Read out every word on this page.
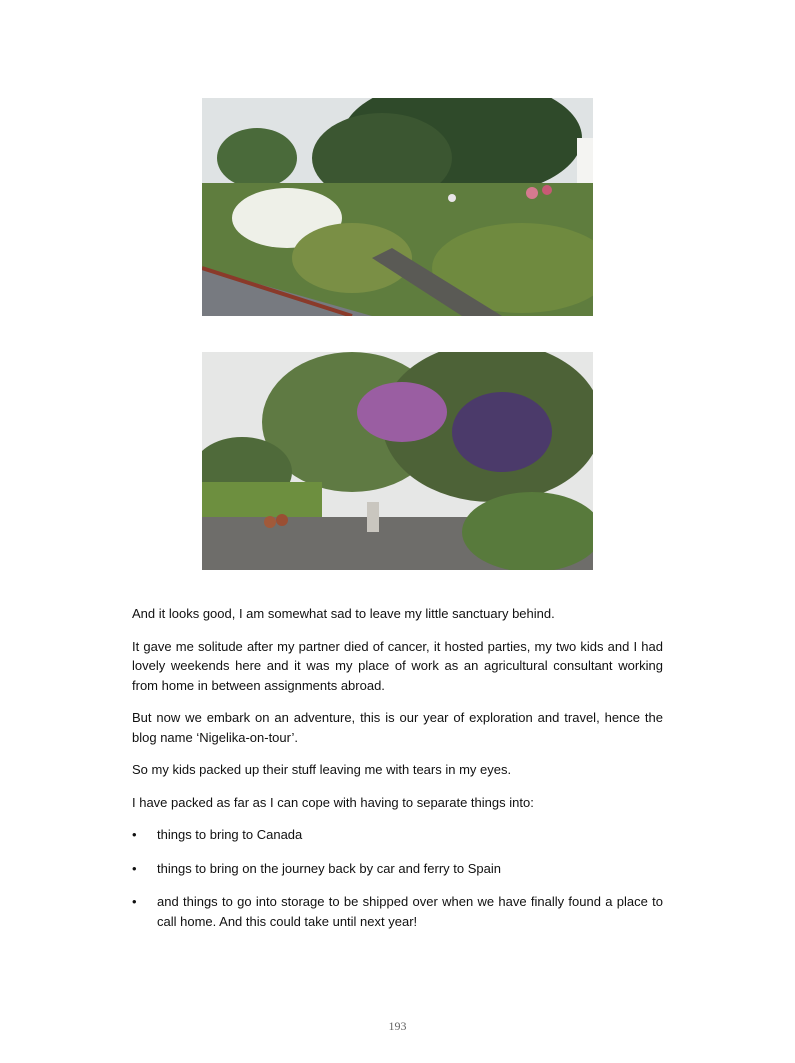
And it looks good, I am somewhat sad to leave my little sanctuary behind.

It gave me solitude after my partner died of cancer, it hosted parties, my two kids and I had lovely weekends here and it was my place of work as an agricultural consultant working from home in between assignments abroad.

But now we embark on an adventure, this is our year of exploration and travel, hence the blog name ‘Nigelika-on-tour’.

So my kids packed up their stuff leaving me with tears in my eyes.

I have packed as far as I can cope with having to separate things into:

• things to bring to Canada
• things to bring on the journey back by car and ferry to Spain
• and things to go into storage to be shipped over when we have finally found a place to call home. And this could take until next year!
193
